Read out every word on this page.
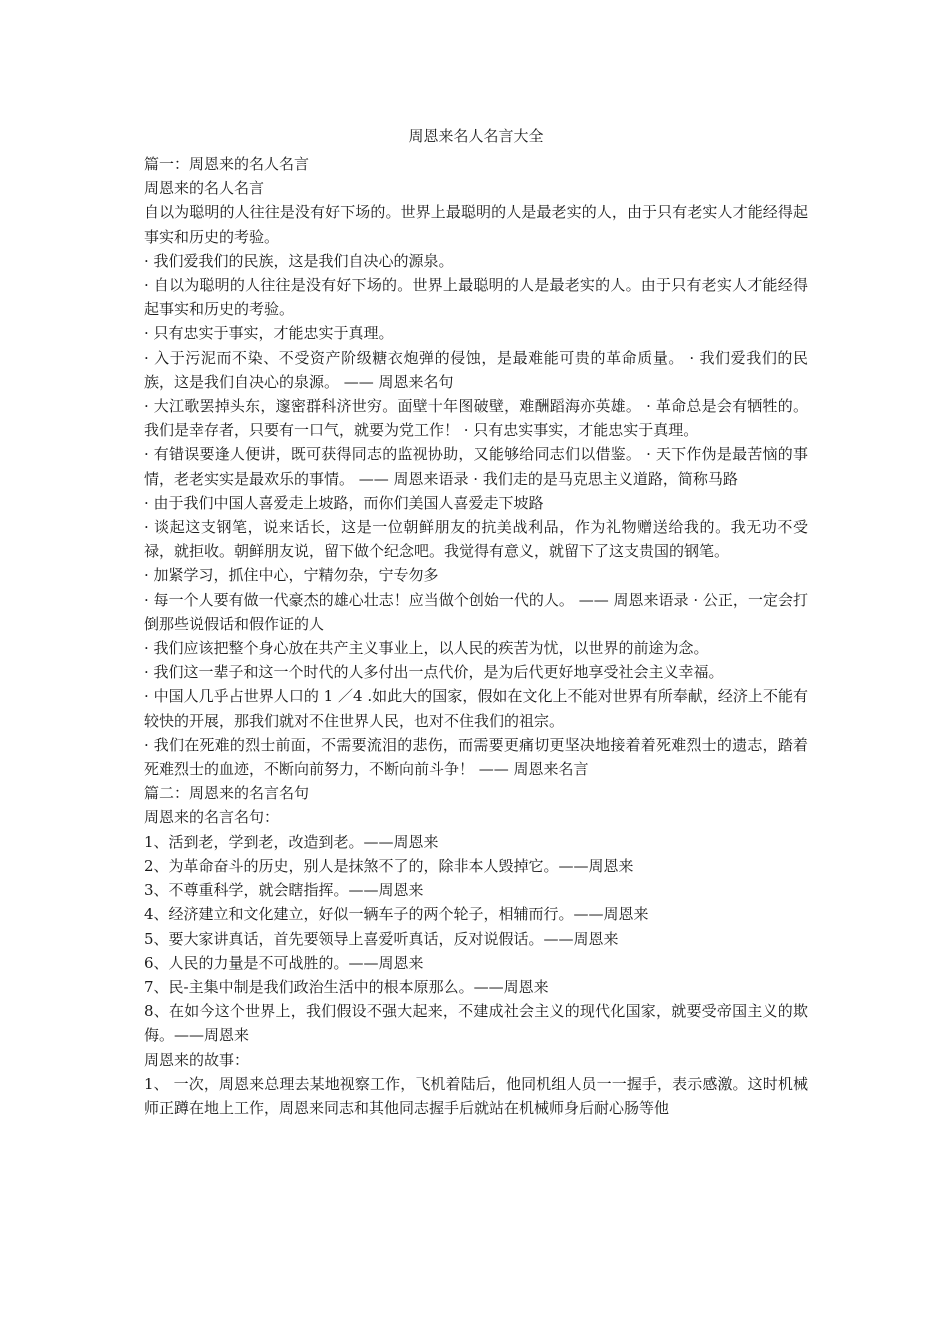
周恩来名人名言大全

篇一：周恩来的名人名言

周恩来的名人名言

自以为聪明的人往往是没有好下场的。世界上最聪明的人是最老实的人，由于只有老实人才能经得起事实和历史的考验。

· 我们爱我们的民族，这是我们自决心的源泉。

· 自以为聪明的人往往是没有好下场的。世界上最聪明的人是最老实的人。由于只有老实人才能经得起事实和历史的考验。

· 只有忠实于事实，才能忠实于真理。

· 入于污泥而不染、不受资产阶级糖衣炮弹的侵蚀，是最难能可贵的革命质量。 · 我们爱我们的民族，这是我们自决心的泉源。 —— 周恩来名句

· 大江歌罢掉头东，邃密群科济世穷。面壁十年图破壁，难酬蹈海亦英雄。 · 革命总是会有牺牲的。我们是幸存者，只要有一口气，就要为党工作！ · 只有忠实事实，才能忠实于真理。

· 有错误要逢人便讲，既可获得同志的监视协助，又能够给同志们以借鉴。 · 天下作伪是最苦恼的事情，老老实实是最欢乐的事情。 —— 周恩来语录 · 我们走的是马克思主义道路，简称马路

· 由于我们中国人喜爱走上坡路，而你们美国人喜爱走下坡路

· 谈起这支钢笔，说来话长，这是一位朝鲜朋友的抗美战利品，作为礼物赠送给我的。我无功不受禄，就拒收。朝鲜朋友说，留下做个纪念吧。我觉得有意义，就留下了这支贵国的钢笔。

· 加紧学习，抓住中心，宁精勿杂，宁专勿多

· 每一个人要有做一代豪杰的雄心壮志！应当做个创始一代的人。 —— 周恩来语录 · 公正，一定会打倒那些说假话和假作证的人

· 我们应该把整个身心放在共产主义事业上，以人民的疾苦为忧，以世界的前途为念。

· 我们这一辈子和这一个时代的人多付出一点代价，是为后代更好地享受社会主义幸福。

· 中国人几乎占世界人口的 1 ／4 .如此大的国家，假如在文化上不能对世界有所奉献，经济上不能有较快的开展，那我们就对不住世界人民，也对不住我们的祖宗。

· 我们在死难的烈士前面，不需要流泪的悲伤，而需要更痛切更坚决地接着着死难烈士的遗志，踏着死难烈士的血迹，不断向前努力，不断向前斗争！ —— 周恩来名言

篇二：周恩来的名言名句

周恩来的名言名句：

1、活到老，学到老，改造到老。——周恩来

2、为革命奋斗的历史，别人是抹煞不了的，除非本人毁掉它。——周恩来

3、不尊重科学，就会瞎指挥。——周恩来

4、经济建立和文化建立，好似一辆车子的两个轮子，相辅而行。——周恩来

5、要大家讲真话，首先要领导上喜爱听真话，反对说假话。——周恩来

6、人民的力量是不可战胜的。——周恩来

7、民-主集中制是我们政治生活中的根本原那么。——周恩来

8、在如今这个世界上，我们假设不强大起来，不建成社会主义的现代化国家，就要受帝国主义的欺侮。——周恩来

周恩来的故事：

1、 一次，周恩来总理去某地视察工作，飞机着陆后，他同机组人员一一握手，表示感激。这时机械师正蹲在地上工作，周恩来同志和其他同志握手后就站在机械师身后耐心肠等他
